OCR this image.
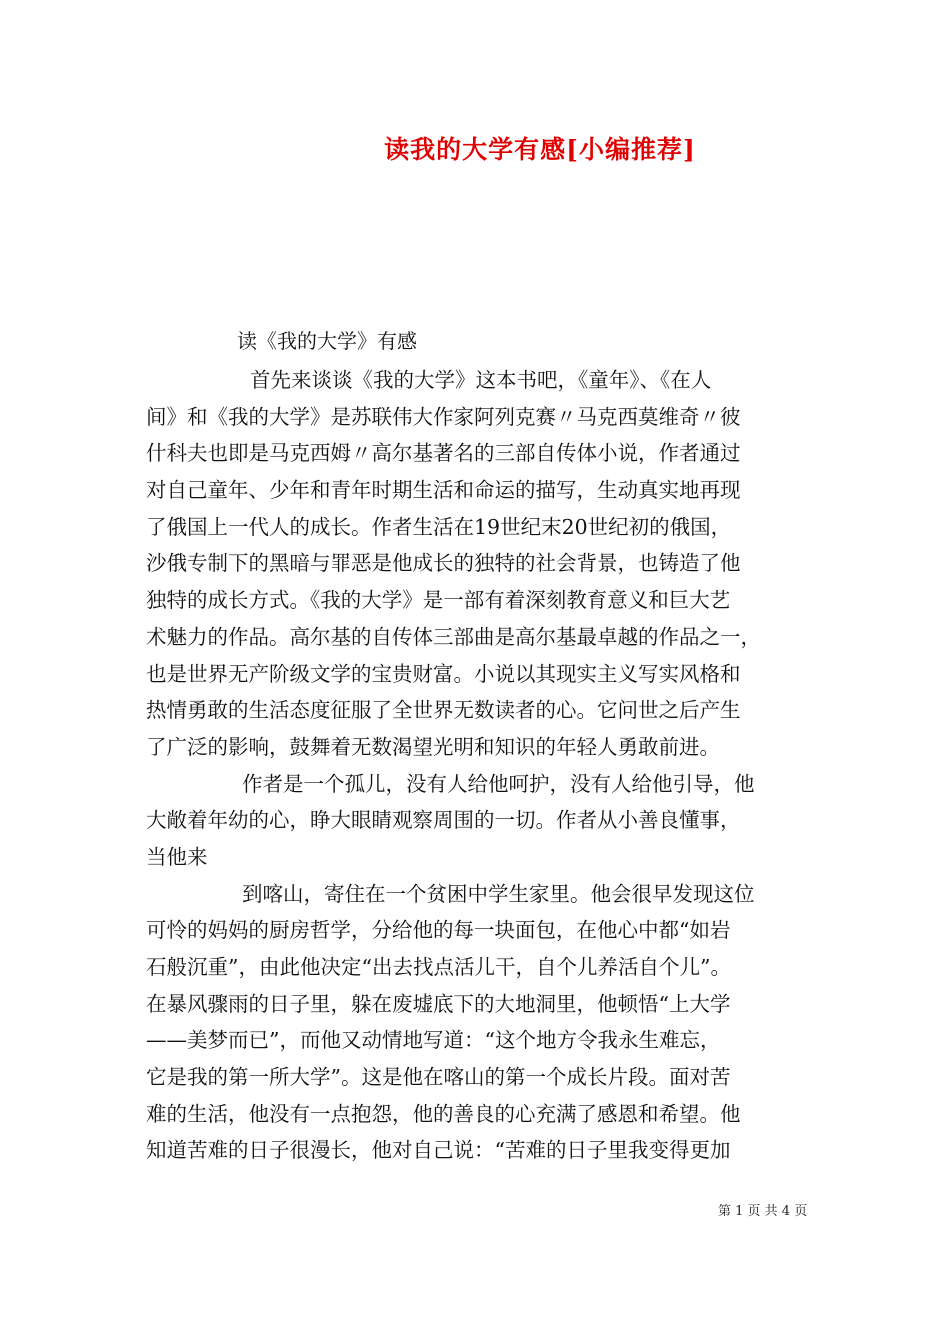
读我的大学有感[小编推荐]
读《我的大学》有感
首先来谈谈《我的大学》这本书吧，《童年》、《在人
间》和《我的大学》是苏联伟大作家阿列克赛〃马克西莫维奇〃彼
什科夫也即是马克西姆〃高尔基著名的三部自传体小说，作者通过
对自己童年、少年和青年时期生活和命运的描写，生动真实地再现
了俄国上一代人的成长。作者生活在19世纪末20世纪初的俄国，
沙俄专制下的黑暗与罪恶是他成长的独特的社会背景，也铸造了他
独特的成长方式。《我的大学》是一部有着深刻教育意义和巨大艺
术魅力的作品。高尔基的自传体三部曲是高尔基最卓越的作品之一，
也是世界无产阶级文学的宝贵财富。小说以其现实主义写实风格和
热情勇敢的生活态度征服了全世界无数读者的心。它问世之后产生
了广泛的影响，鼓舞着无数渴望光明和知识的年轻人勇敢前进。
作者是一个孤儿，没有人给他呵护，没有人给他引导，他
大敞着年幼的心，睁大眼睛观察周围的一切。作者从小善良懂事，
当他来
到喀山，寄住在一个贫困中学生家里。他会很早发现这位
可怜的妈妈的厨房哲学，分给他的每一块面包，在他心中都“如岩
石般沉重”，由此他决定“出去找点活儿干，自个儿养活自个儿”。
在暴风骤雨的日子里，躲在废墟底下的大地洞里，他顿悟“上大学
——美梦而已”，而他又动情地写道：“这个地方令我永生难忘，
它是我的第一所大学”。这是他在喀山的第一个成长片段。面对苦
难的生活，他没有一点抱怨，他的善良的心充满了感恩和希望。他
知道苦难的日子很漫长，他对自己说：“苦难的日子里我变得更加
第 1 页 共 4 页
